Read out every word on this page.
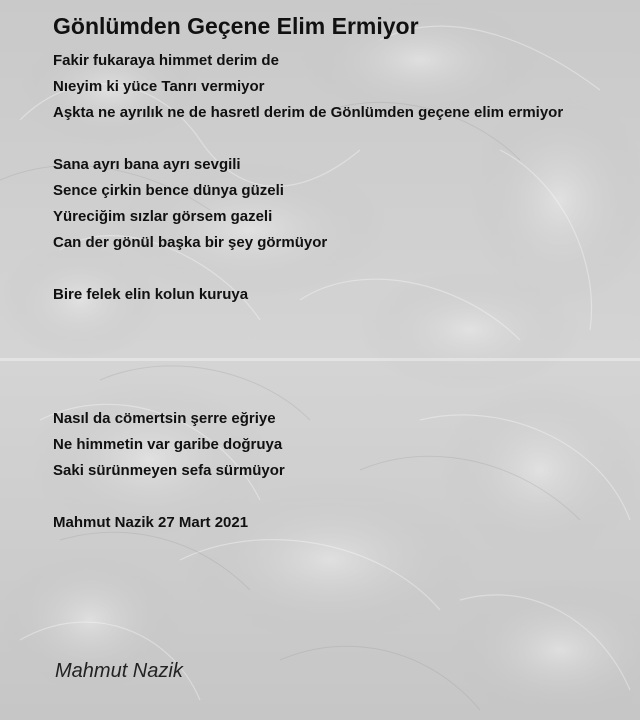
Gönlümden Geçene Elim Ermiyor
Fakir fukaraya himmet derim de
Nıeyim ki yüce Tanrı vermiyor
Aşkta ne ayrılık ne de hasretl derim de Gönlümden geçene elim ermiyor
Sana ayrı bana ayrı sevgili
Sence çirkin bence dünya güzeli
Yüreciğim sızlar görsem gazeli
Can der gönül başka bir şey görmüyor
Bire felek elin kolun kuruya
Nasıl da cömertsin şerre eğriye
Ne himmetin var garibe doğruya
Saki sürünmeyen sefa sürmüyor
Mahmut Nazik 27 Mart 2021
Mahmut Nazik
